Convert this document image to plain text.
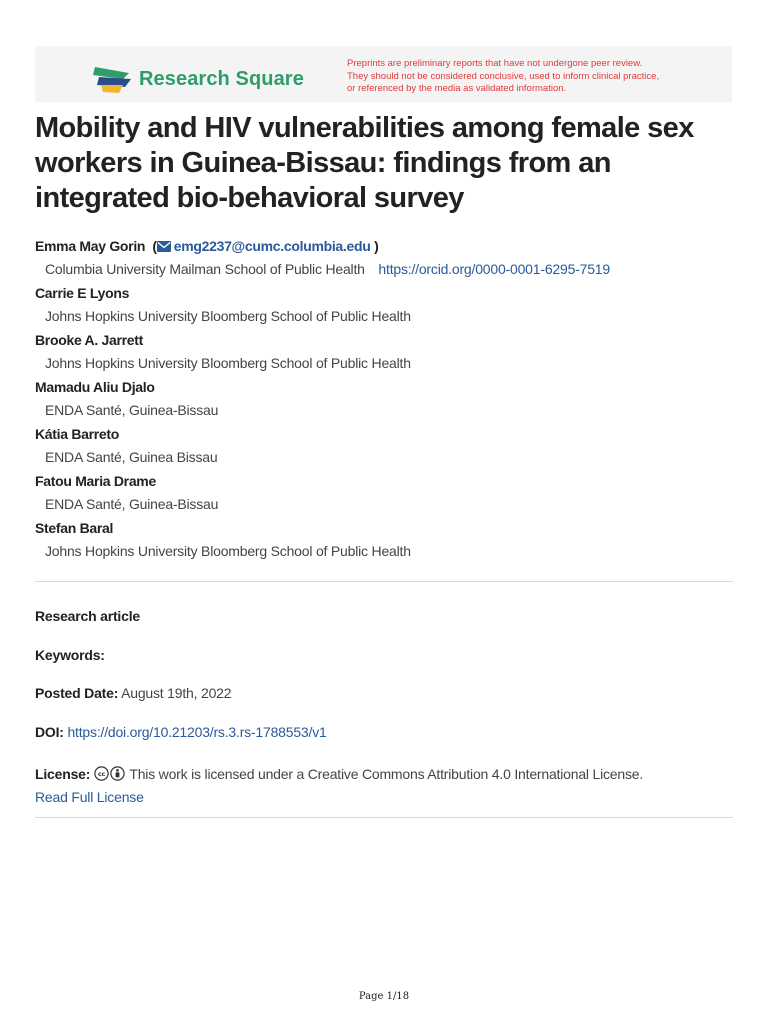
Research Square
Preprints are preliminary reports that have not undergone peer review.
They should not be considered conclusive, used to inform clinical practice,
or referenced by the media as validated information.
Mobility and HIV vulnerabilities among female sex
workers in Guinea-Bissau: findings from an
integrated bio-behavioral survey
Emma May Gorin  ( emg2237@cumc.columbia.edu )
Columbia University Mailman School of Public Health https://orcid.org/0000-0001-6295-7519
Carrie E Lyons
Johns Hopkins University Bloomberg School of Public Health
Brooke A. Jarrett
Johns Hopkins University Bloomberg School of Public Health
Mamadu Aliu Djalo
ENDA Santé, Guinea-Bissau
Kátia Barreto
ENDA Santé, Guinea Bissau
Fatou Maria Drame
ENDA Santé, Guinea-Bissau
Stefan Baral
Johns Hopkins University Bloomberg School of Public Health
Research article
Keywords:
Posted Date: August 19th, 2022
DOI: https://doi.org/10.21203/rs.3.rs-1788553/v1
License: cc This work is licensed under a Creative Commons Attribution 4.0 International License.
Read Full License
Page 1/18
